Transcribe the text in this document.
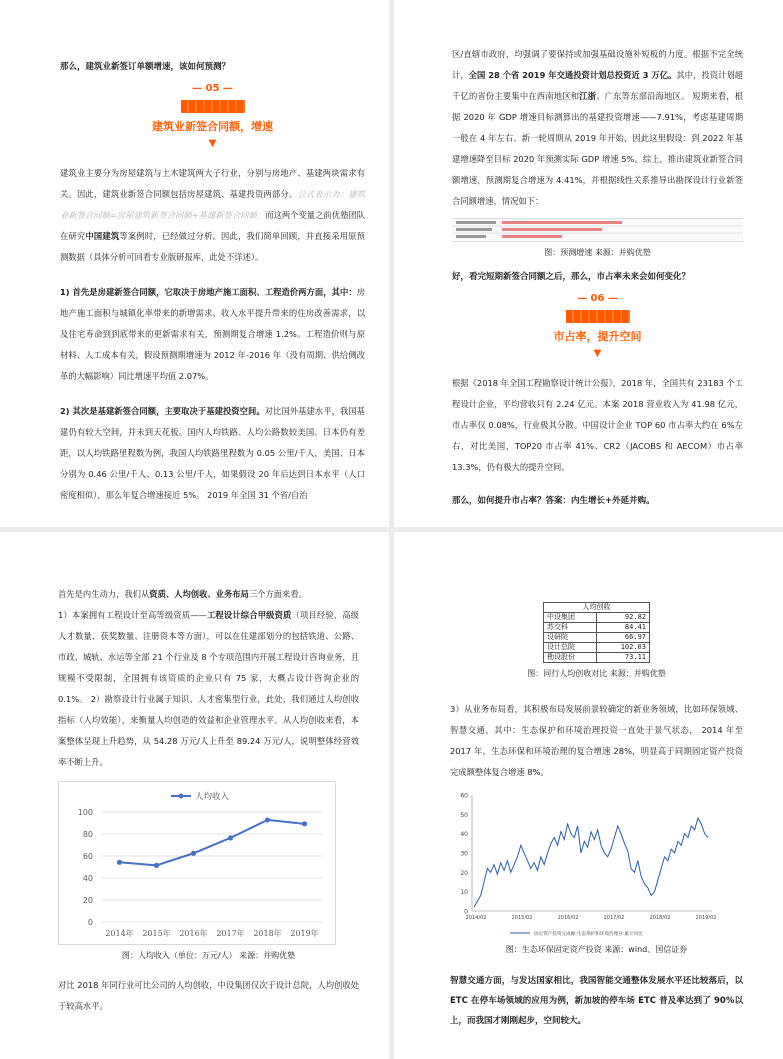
那么，建筑业新签订单额增速，该如何预测？

— 05 —
建筑业新签合同额，增速
▼

建筑业主要分为房屋建筑与土木建筑两大子行业，分别与房地产、基建两块需求有关。因此，建筑业新签合同额包括房屋建筑、基建投资两部分。公式表示为：建筑业新签合同额=房屋建筑新签合同额+基建新签合同额；而这两个变量之前优塾团队在研究中国建筑等案例时，已经做过分析。因此，我们简单回顾，并直接采用原预测数据（具体分析可回看专业版研报库，此处不详述）。

1) 首先是房建新签合同额，它取决于房地产施工面积、工程造价两方面，其中：房地产施工面积与城镇化率带来的新增需求、收入水平提升带来的住房改善需求，以及住宅寿命到到底带来的更新需求有关，预测期复合增速 1.2%。工程造价则与原材料、人工成本有关，假设预测期增速为 2012 年-2016 年（没有周期、供给侧改革的大幅影响）同比增速平均值 2.07%。

2) 其次是基建新签合同额，主要取决于基建投资空间。对比国外基建水平，我国基建仍有较大空间，并未到天花板。国内人均铁路、人均公路数较美国、日本仍有差距，以人均铁路里程数为例，我国人均铁路里程数为 0.05 公里/千人，美国、日本分别为 0.46 公里/千人、0.13 公里/千人，如果假设 20 年后达到日本水平（人口密度相似），那么年复合增速接近 5%。 2019 年全国 31 个省/自治

区/直辖市政府，均强调了要保持或加强基础设施补短板的力度。根据不完全统计，全国 28 个省 2019 年交通投资计划总投资近 3 万亿。其中，投资计划超千亿的省份主要集中在西南地区和江浙、广东等东部沿海地区。 短期来看，根据 2020 年 GDP 增速目标测算出的基建投资增速——7.91%，考虑基建周期一般在 4 年左右、新一轮周期从 2019 年开始，因此这里假设：到 2022 年基建增速降至目标 2020 年预测实际 GDP 增速 5%。综上，推出建筑业新签合同额增速，预测期复合增速为 4.41%，并根据线性关系推导出勘探设计行业新签合同额增速，情况如下：

图：预测增速 来源：并购优塾

好，看完短期新签合同额之后，那么，市占率未来会如何变化？

— 06 —
市占率，提升空间
▼

根据《2018 年全国工程勘察设计统计公报》，2018 年，全国共有 23183 个工程设计企业，平均营收只有 2.24 亿元。本案 2018 营业收入为 41.98 亿元，市占率仅 0.08%，行业极其分散。中国设计企业 TOP 60 市占率大约在 6%左右，对比美国，TOP20 市占率 41%、CR2（JACOBS 和 AECOM）市占率 13.3%，仍有极大的提升空间。

那么，如何提升市占率？答案：内生增长+外延并购。

首先是内生动力，我们从资质、人均创收、业务布局三个方面来看。

1）本案拥有工程设计至高等级资质——工程设计综合甲级资质（项目经验、高级人才数量、获奖数量、注册资本等方面），可以在住建部划分的包括铁道、公路、市政、城轨、水运等全部 21 个行业及 8 个专项范围内开展工程设计咨询业务，且规模不受限制，全国拥有该资质的企业只有 75 家，大概占设计咨询企业的 0.1%。 2）勘察设计行业属于知识、人才密集型行业，此处，我们通过人均创收指标（人均效能），来衡量人均创造的效益和企业管理水平。从人均创收来看，本案整体呈现上升趋势，从 54.28 万元/人上升至 89.24 万元/人，说明整体经营效率不断上升。

人均收入
0
20
40
60
80
100
2014年 2015年 2016年 2017年 2018年 2019年

图：人均收入（单位：万元/人） 来源：并购优塾

对比 2018 年同行业可比公司的人均创收，中设集团仅次于设计总院，人均创收处于较高水平。

人均创收	
中设集团	92.82
苏交科	84.41
设研院	66.97
设计总院	102.03
勘设股份	73.11

图：同行人均创收对比 来源：并购优塾

3）从业务布局看，其积极布局发展前景较确定的新业务领域，比如环保领域、智慧交通，其中：生态保护和环境治理投资一直处于景气状态， 2014 年至 2017 年，生态环保和环境治理的复合增速 28%，明显高于同期固定资产投资完成额整体复合增速 8%。

0
10
20
30
40
50
60
2014/02	2015/02	2016/02	2017/02	2018/02	2019/02
固定资产投资完成额:生态保护和环境治理业:累计同比

图：生态环保固定资产投资 来源：wind、国信证券

智慧交通方面，与发达国家相比，我国智能交通整体发展水平还比较落后，以 ETC 在停车场领域的应用为例，新加坡的停车场 ETC 普及率达到了 90%以上，而我国才刚刚起步，空间较大。
